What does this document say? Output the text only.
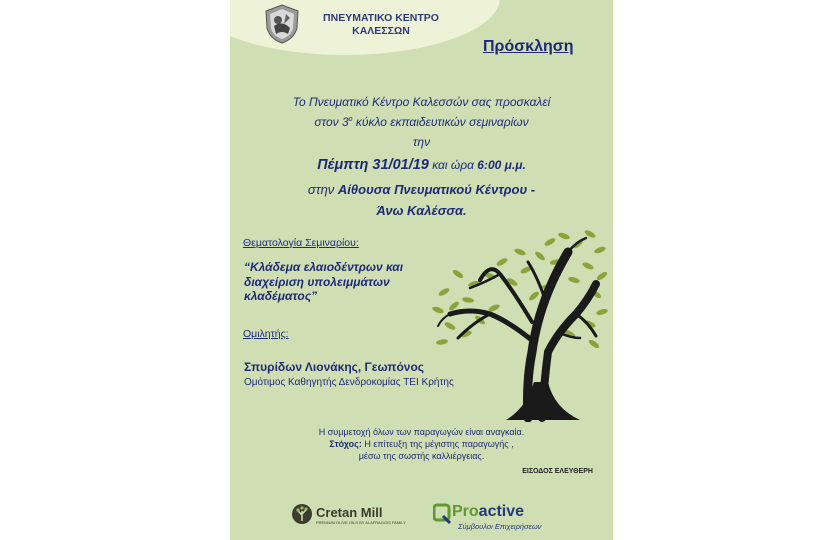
ΠΝΕΥΜΑΤΙΚΟ ΚΕΝΤΡΟ
ΚΑΛΕΣΣΩΝ
Πρόσκληση
Το Πνευματικό Κέντρο Καλεσσών σας προσκαλεί
στον $3^o$ κύκλο εκπαιδευτικών σεμιναρίων
την
Πέμπτη 31/01/19 και ώρα 6:00 μ.μ.
στην Αίθουσα Πνευματικού Κέντρου -
Άνω Καλέσσα.
Θεματολογία Σεμιναρίου:
“Κλάδεμα ελαιοδέντρων και διαχείριση υπολειμμάτων κλαδέματος”
Ομιλητής:
Σπυρίδων Λιονάκης, Γεωπόνος
Ομότιμος Καθηγητής Δενδροκομίας ΤΕΙ Κρήτης
Η συμμετοχή όλων των παραγωγών είναι αναγκαία.
Στόχος: Η επίτευξη της μέγιστης παραγωγής ,
μέσω της σωστής καλλιέργειας.
ΕΙΣΟΔΟΣ ΕΛΕΥΘΕΡΗ
Cretan Mill
PREMIUM OLIVE OILS BY ALAFRAGGIS FAMILY
Proactive
Σύμβουλοι Επιχειρήσεων
